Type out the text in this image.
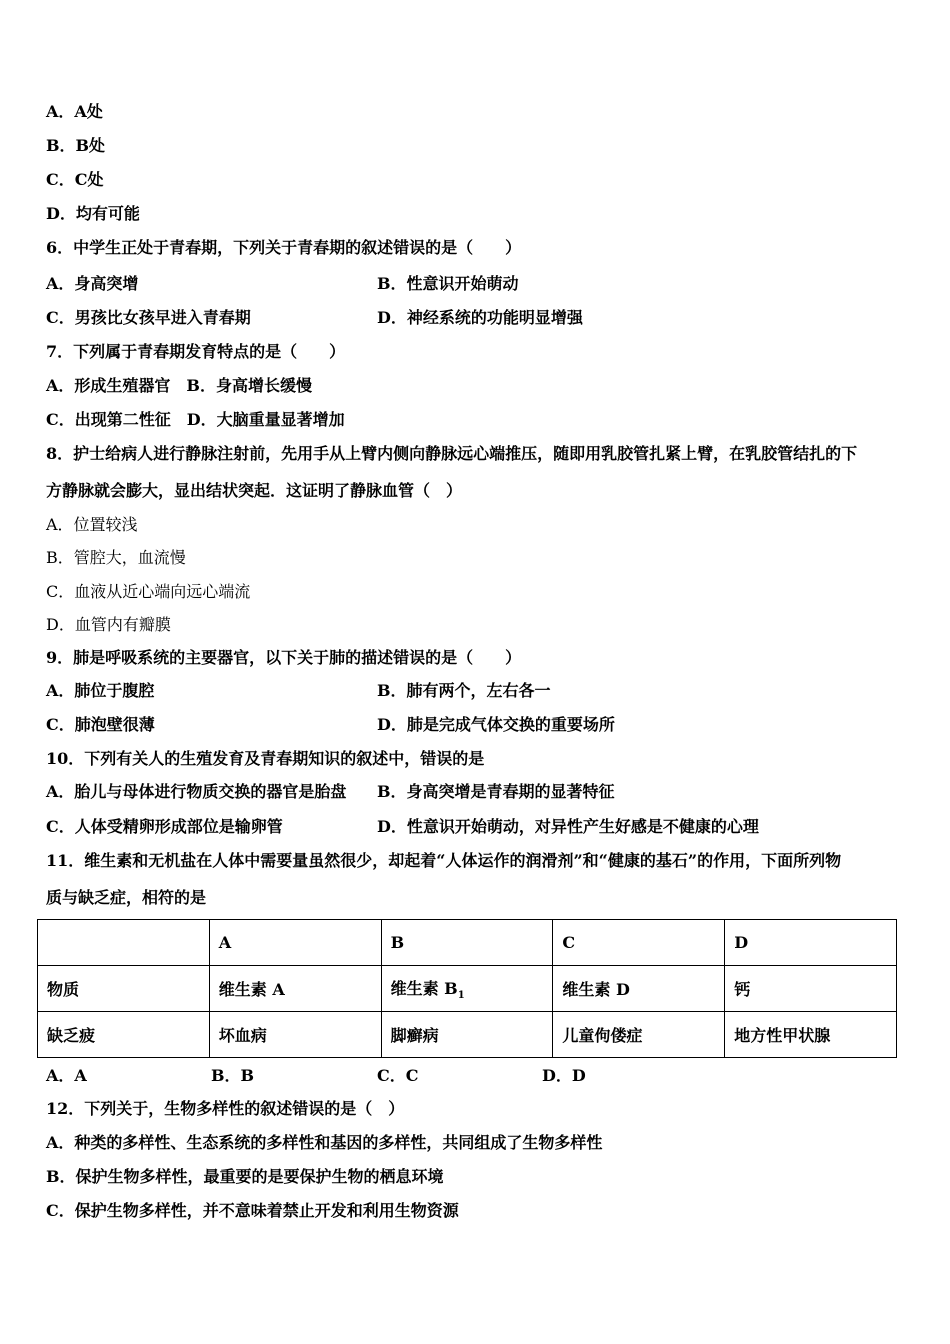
A．A处
B．B处
C．C处
D．均有可能
6．中学生正处于青春期，下列关于青春期的叙述错误的是（　　）
A．身高突增	B．性意识开始萌动
C．男孩比女孩早进入青春期	D．神经系统的功能明显增强
7．下列属于青春期发育特点的是（　　）
A．形成生殖器官　B．身高增长缓慢
C．出现第二性征　D．大脑重量显著增加
8．护士给病人进行静脉注射前，先用手从上臂内侧向静脉远心端推压，随即用乳胶管扎紧上臂，在乳胶管结扎的下
方静脉就会膨大，显出结状突起．这证明了静脉血管（　）
A．位置较浅
B．管腔大，血流慢
C．血液从近心端向远心端流
D．血管内有瓣膜
9．肺是呼吸系统的主要器官，以下关于肺的描述错误的是（　　）
A．肺位于腹腔	B．肺有两个，左右各一
C．肺泡壁很薄	D．肺是完成气体交换的重要场所
10．下列有关人的生殖发育及青春期知识的叙述中，错误的是
A．胎儿与母体进行物质交换的器官是胎盘 B．身高突增是青春期的显著特征
C．人体受精卵形成部位是输卵管	D．性意识开始萌动，对异性产生好感是不健康的心理
11．维生素和无机盐在人体中需要量虽然很少，却起着“人体运作的润滑剂”和“健康的基石”的作用，下面所列物
质与缺乏症，相符的是
	A	B	C	D
物质	维生素 A	维生素 $B_1$	维生素 D	钙
缺乏疲	坏血病	脚癣病	儿童佝偻症	地方性甲状腺
A．A	B．B	C．C	D．D
12．下列关于，生物多样性的叙述错误的是（　）
A．种类的多样性、生态系统的多样性和基因的多样性，共同组成了生物多样性
B．保护生物多样性，最重要的是要保护生物的栖息环境
C．保护生物多样性，并不意味着禁止开发和利用生物资源
